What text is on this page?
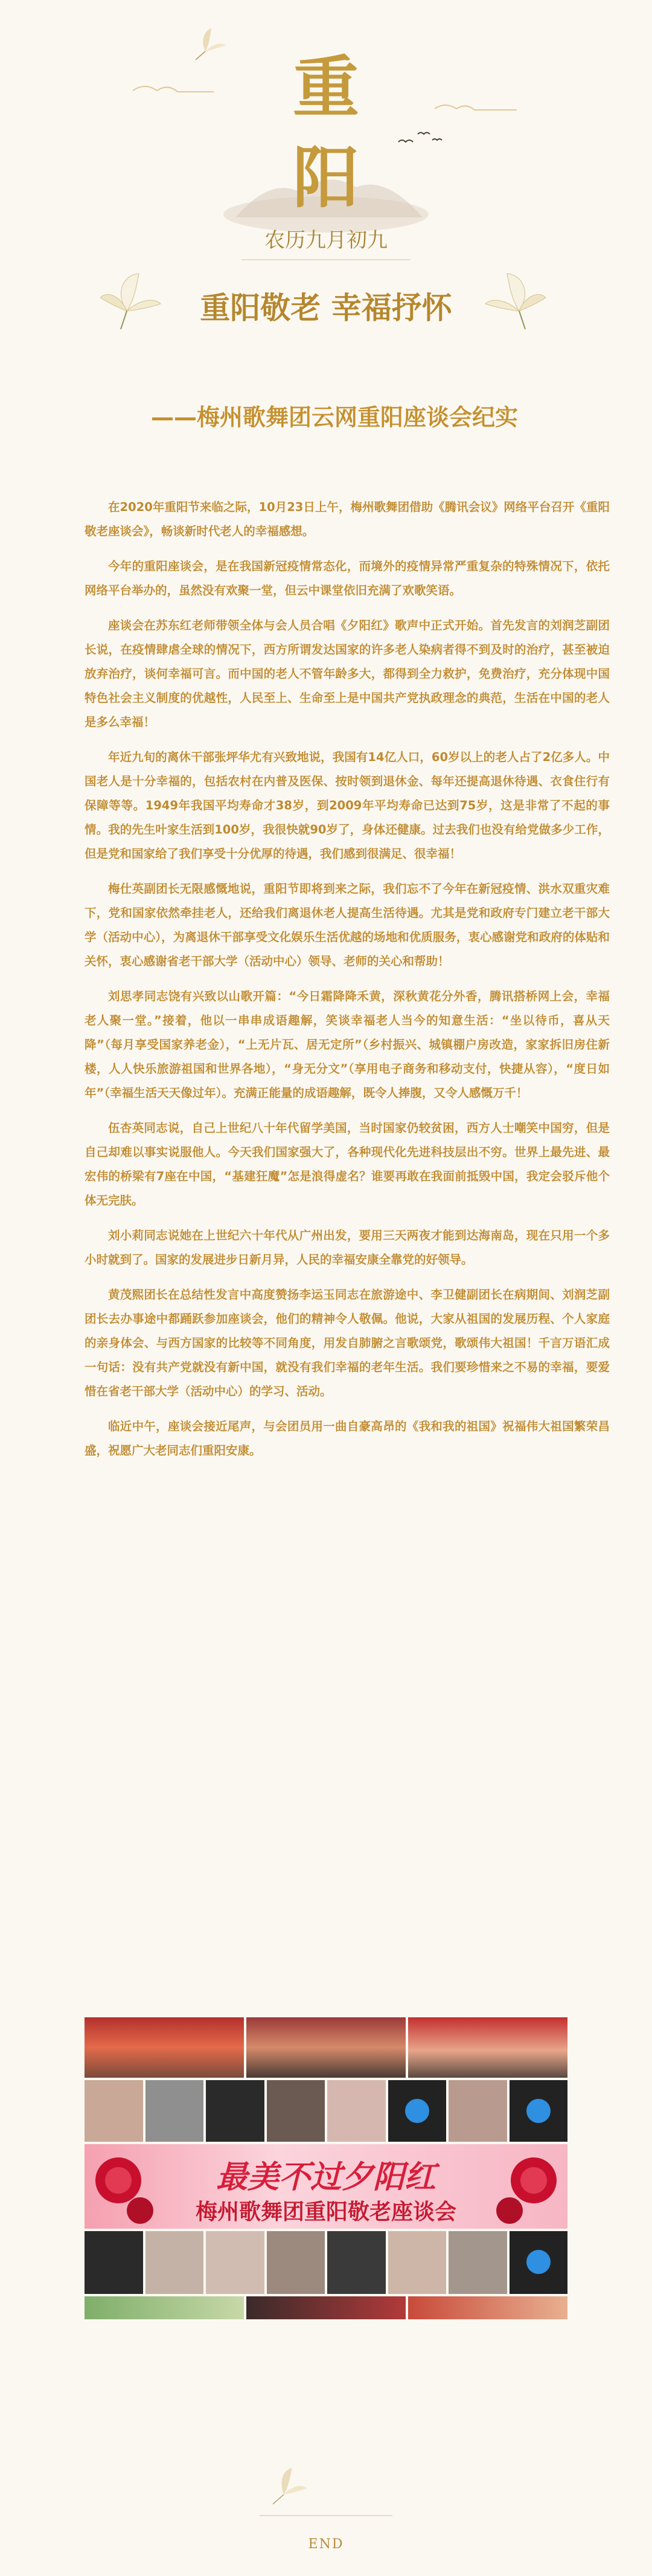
重
阳
农历九月初九
重阳敬老 幸福抒怀
——梅州歌舞团云网重阳座谈会纪实

在2020年重阳节来临之际，10月23日上午，梅州歌舞团借助《腾讯会议》网络平台召开《重阳敬老座谈会》，畅谈新时代老人的幸福感想。

今年的重阳座谈会，是在我国新冠疫情常态化，而境外的疫情异常严重复杂的特殊情况下，依托网络平台举办的，虽然没有欢聚一堂，但云中课堂依旧充满了欢歌笑语。

座谈会在苏东红老师带领全体与会人员合唱《夕阳红》歌声中正式开始。首先发言的刘润芝副团长说，在疫情肆虐全球的情况下，西方所谓发达国家的许多老人染病者得不到及时的治疗，甚至被迫放弃治疗，谈何幸福可言。而中国的老人不管年龄多大，都得到全力救护，免费治疗，充分体现中国特色社会主义制度的优越性，人民至上、生命至上是中国共产党执政理念的典范，生活在中国的老人是多么幸福！

年近九旬的离休干部张坪华尤有兴致地说，我国有14亿人口，60岁以上的老人占了2亿多人。中国老人是十分幸福的，包括农村在内普及医保、按时领到退休金、每年还提高退休待遇、衣食住行有保障等等。1949年我国平均寿命才38岁，到2009年平均寿命已达到75岁，这是非常了不起的事情。我的先生叶家生活到100岁，我很快就90岁了，身体还健康。过去我们也没有给党做多少工作，但是党和国家给了我们享受十分优厚的待遇，我们感到很满足、很幸福！

梅仕英副团长无限感慨地说，重阳节即将到来之际，我们忘不了今年在新冠疫情、洪水双重灾难下，党和国家依然牵挂老人，还给我们离退休老人提高生活待遇。尤其是党和政府专门建立老干部大学（活动中心），为离退休干部享受文化娱乐生活优越的场地和优质服务，衷心感谢党和政府的体贴和关怀，衷心感谢省老干部大学（活动中心）领导、老师的关心和帮助！

刘思孝同志饶有兴致以山歌开篇：“今日霜降降禾黄，深秋黄花分外香，腾讯搭桥网上会，幸福老人聚一堂。”接着，他以一串串成语趣解，笑谈幸福老人当今的知意生活：“坐以待币，喜从天降”（每月享受国家养老金），“上无片瓦、居无定所”（乡村振兴、城镇棚户房改造，家家拆旧房住新楼，人人快乐旅游祖国和世界各地），“身无分文”（享用电子商务和移动支付，快捷从容），“度日如年”（幸福生活天天像过年）。充满正能量的成语趣解，既令人捧腹，又令人感慨万千！

伍杏英同志说，自己上世纪八十年代留学美国，当时国家仍较贫困，西方人士嘲笑中国穷，但是自己却难以事实说服他人。今天我们国家强大了，各种现代化先进科技层出不穷。世界上最先进、最宏伟的桥梁有7座在中国，“基建狂魔”怎是浪得虚名？谁要再敢在我面前抵毁中国，我定会驳斥他个体无完肤。

刘小莉同志说她在上世纪六十年代从广州出发，要用三天两夜才能到达海南岛，现在只用一个多小时就到了。国家的发展进步日新月异，人民的幸福安康全靠党的好领导。

黄茂熙团长在总结性发言中高度赞扬李运玉同志在旅游途中、李卫健副团长在病期间、刘润芝副团长去办事途中都踊跃参加座谈会，他们的精神令人敬佩。他说，大家从祖国的发展历程、个人家庭的亲身体会、与西方国家的比较等不同角度，用发自肺腑之言歌颂党，歌颂伟大祖国！千言万语汇成一句话：没有共产党就没有新中国，就没有我们幸福的老年生活。我们要珍惜来之不易的幸福，要爱惜在省老干部大学（活动中心）的学习、活动。

临近中午，座谈会接近尾声，与会团员用一曲自豪高昂的《我和我的祖国》祝福伟大祖国繁荣昌盛，祝愿广大老同志们重阳安康。

最美不过夕阳红
梅州歌舞团重阳敬老座谈会
END
